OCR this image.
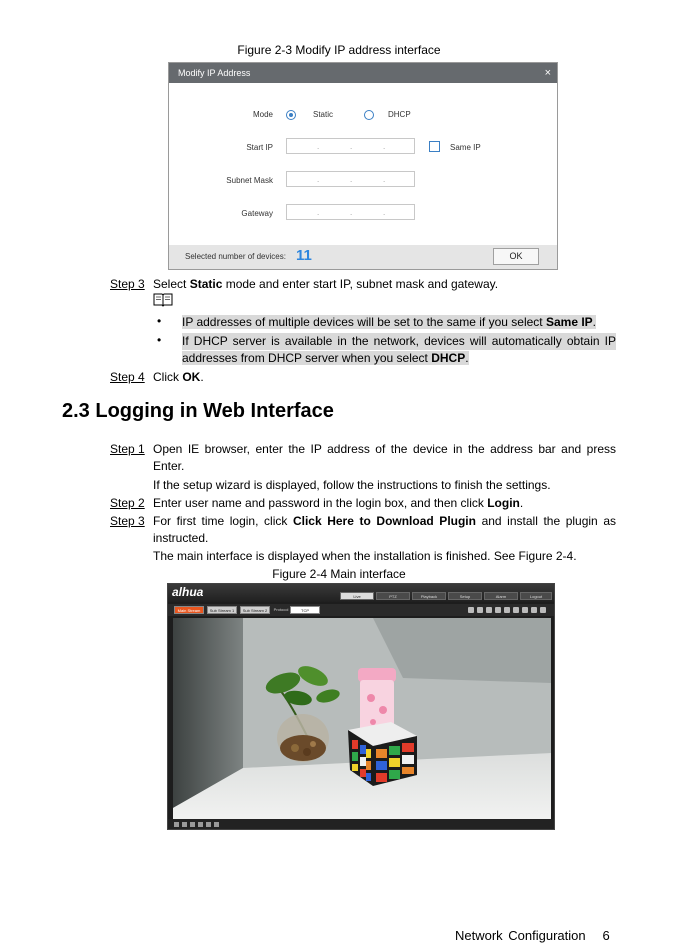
Figure 2-3 Modify IP address interface
Modify IP Address	×
Mode	Static	DHCP
Start IP	.	.	.	Same IP
Subnet Mask	.	.	.
Gateway	.	.	.
Selected number of devices: 11	OK
Step 3 Select Static mode and enter start IP, subnet mask and gateway.
• IP addresses of multiple devices will be set to the same if you select Same IP.
• If DHCP server is available in the network, devices will automatically obtain IP
addresses from DHCP server when you select DHCP.
Step 4 Click OK.
2.3 Logging in Web Interface
Step 1 Open IE browser, enter the IP address of the device in the address bar and press
Enter.
If the setup wizard is displayed, follow the instructions to finish the settings.
Step 2 Enter user name and password in the login box, and then click Login.
Step 3 For first time login, click Click Here to Download Plugin and install the plugin as
instructed.
The main interface is displayed when the installation is finished. See Figure 2-4.
Figure 2-4 Main interface
alhua	Live	PTZ	Playback	Setup	Alarm	Logout
Main Stream	Sub Stream 1	Sub Stream 2	Protocol	TCP
Network Configuration 6
